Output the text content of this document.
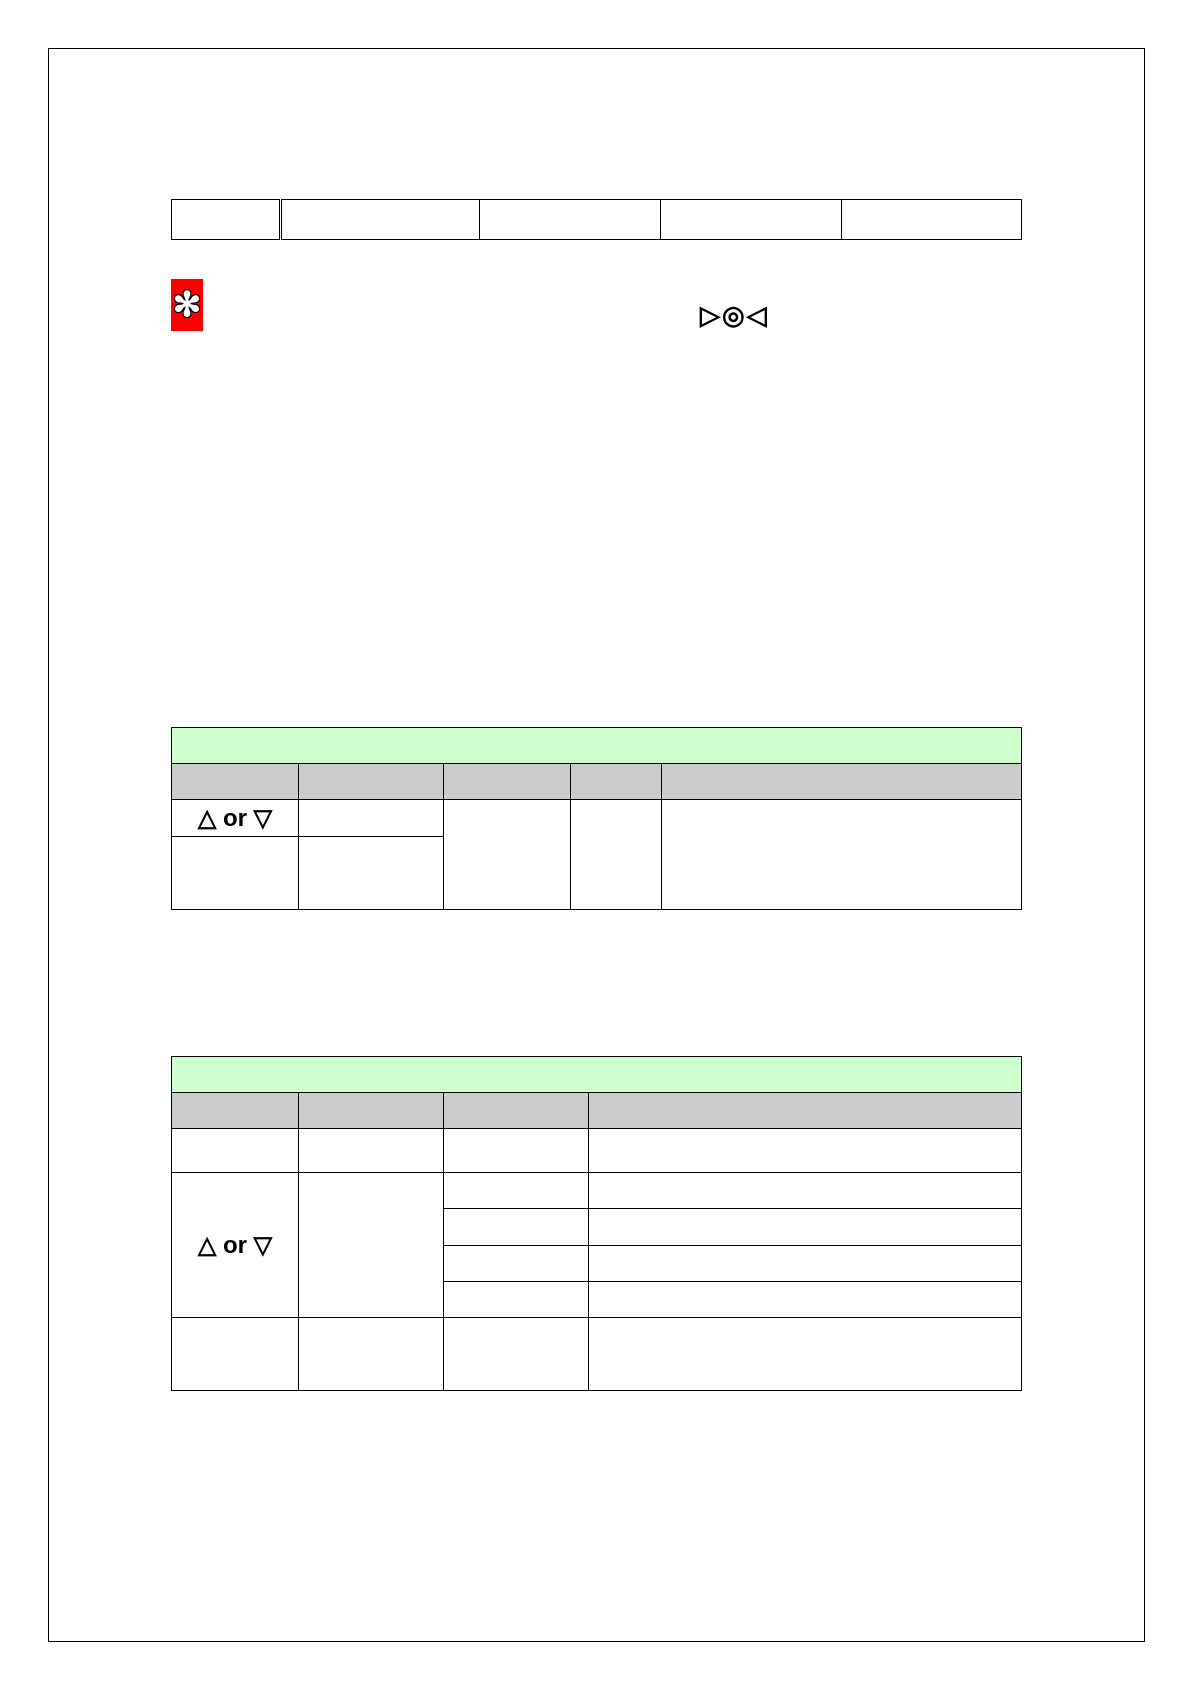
✻	▷◎◁

△ or ▽				

△ or ▽			
